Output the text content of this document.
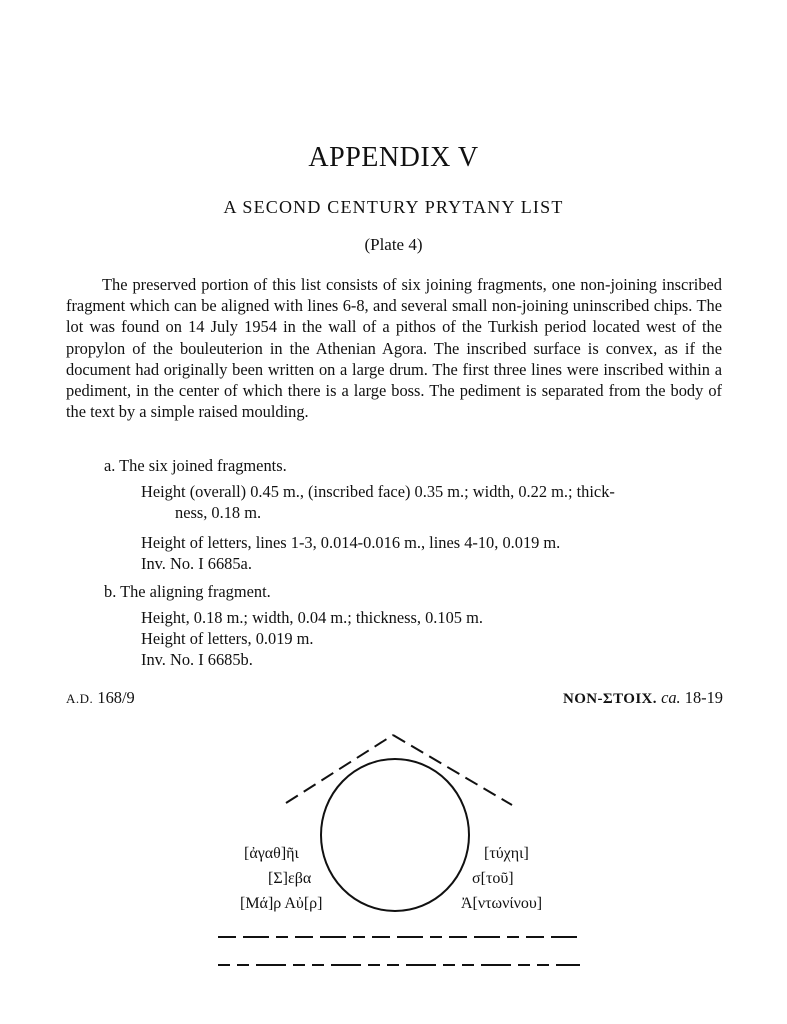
APPENDIX V
A SECOND CENTURY PRYTANY LIST
(Plate 4)

The preserved portion of this list consists of six joining fragments, one non-joining inscribed fragment which can be aligned with lines 6-8, and several small non-joining uninscribed chips. The lot was found on 14 July 1954 in the wall of a pithos of the Turkish period located west of the propylon of the bouleuterion in the Athenian Agora. The inscribed surface is convex, as if the document had originally been written on a large drum. The first three lines were inscribed within a pediment, in the center of which there is a large boss. The pediment is separated from the body of the text by a simple raised moulding.

a. The six joined fragments.
Height (overall) 0.45 m., (inscribed face) 0.35 m.; width, 0.22 m.; thick-
ness, 0.18 m.
Height of letters, lines 1-3, 0.014-0.016 m., lines 4-10, 0.019 m.
Inv. No. I 6685a.
b. The aligning fragment.
Height, 0.18 m.; width, 0.04 m.; thickness, 0.105 m.
Height of letters, 0.019 m.
Inv. No. I 6685b.
A.D. 168/9	NON-ΣΤΟΙΧ. ca. 18-19
[ἀγαθ]ῆι
[Σ]εβα
[Μά]ρ Αὐ[ρ]
[τύχηι]
σ[τοῦ]
Ἀ[ντωνίνου]
